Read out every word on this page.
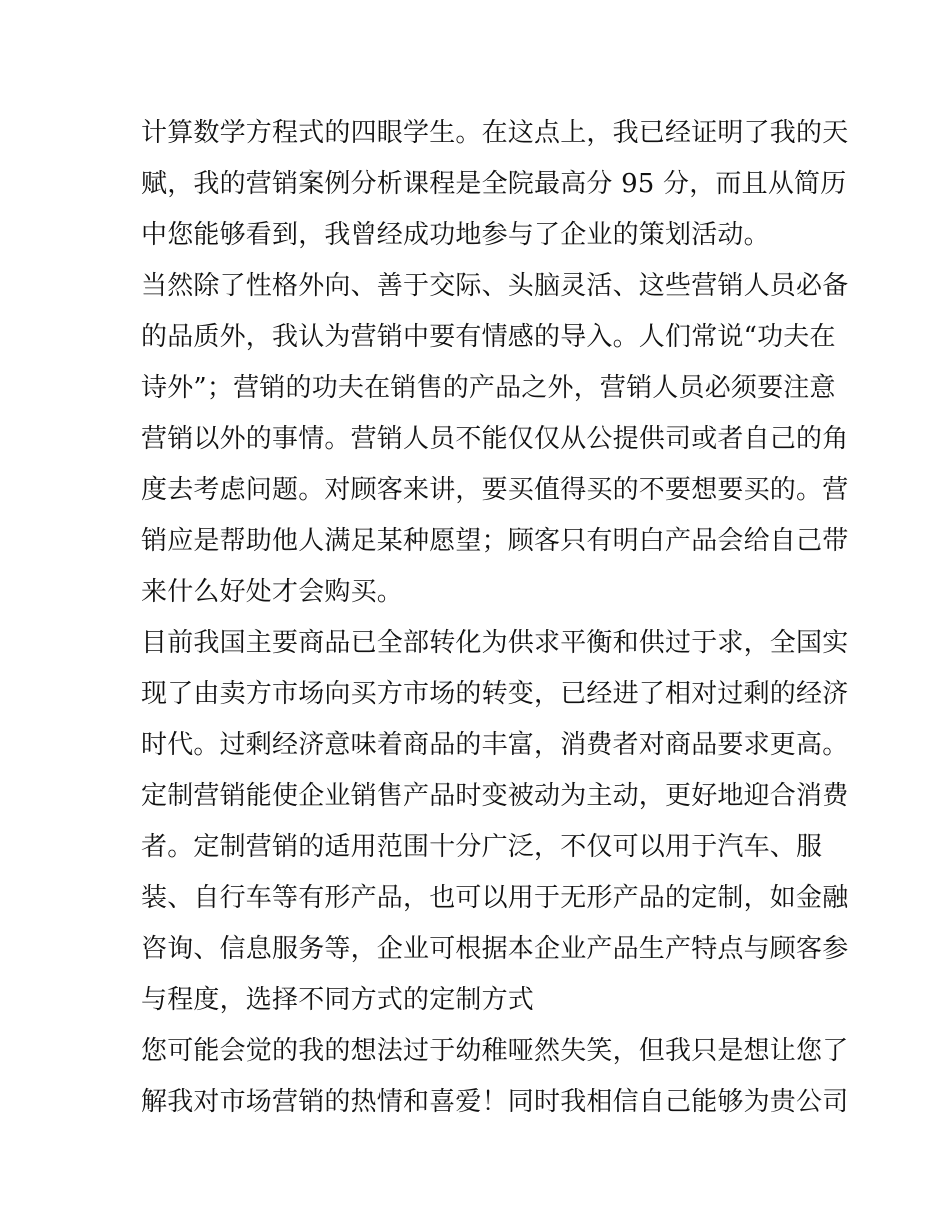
计算数学方程式的四眼学生。在这点上，我已经证明了我的天
赋，我的营销案例分析课程是全院最高分 95 分，而且从简历
中您能够看到，我曾经成功地参与了企业的策划活动。
当然除了性格外向、善于交际、头脑灵活、这些营销人员必备
的品质外，我认为营销中要有情感的导入。人们常说“功夫在
诗外”；营销的功夫在销售的产品之外，营销人员必须要注意
营销以外的事情。营销人员不能仅仅从公提供司或者自己的角
度去考虑问题。对顾客来讲，要买值得买的不要想要买的。营
销应是帮助他人满足某种愿望；顾客只有明白产品会给自己带
来什么好处才会购买。
目前我国主要商品已全部转化为供求平衡和供过于求，全国实
现了由卖方市场向买方市场的转变，已经进了相对过剩的经济
时代。过剩经济意味着商品的丰富，消费者对商品要求更高。
定制营销能使企业销售产品时变被动为主动，更好地迎合消费
者。定制营销的适用范围十分广泛，不仅可以用于汽车、服
装、自行车等有形产品，也可以用于无形产品的定制，如金融
咨询、信息服务等，企业可根据本企业产品生产特点与顾客参
与程度，选择不同方式的定制方式
您可能会觉的我的想法过于幼稚哑然失笑，但我只是想让您了
解我对市场营销的热情和喜爱！同时我相信自己能够为贵公司
